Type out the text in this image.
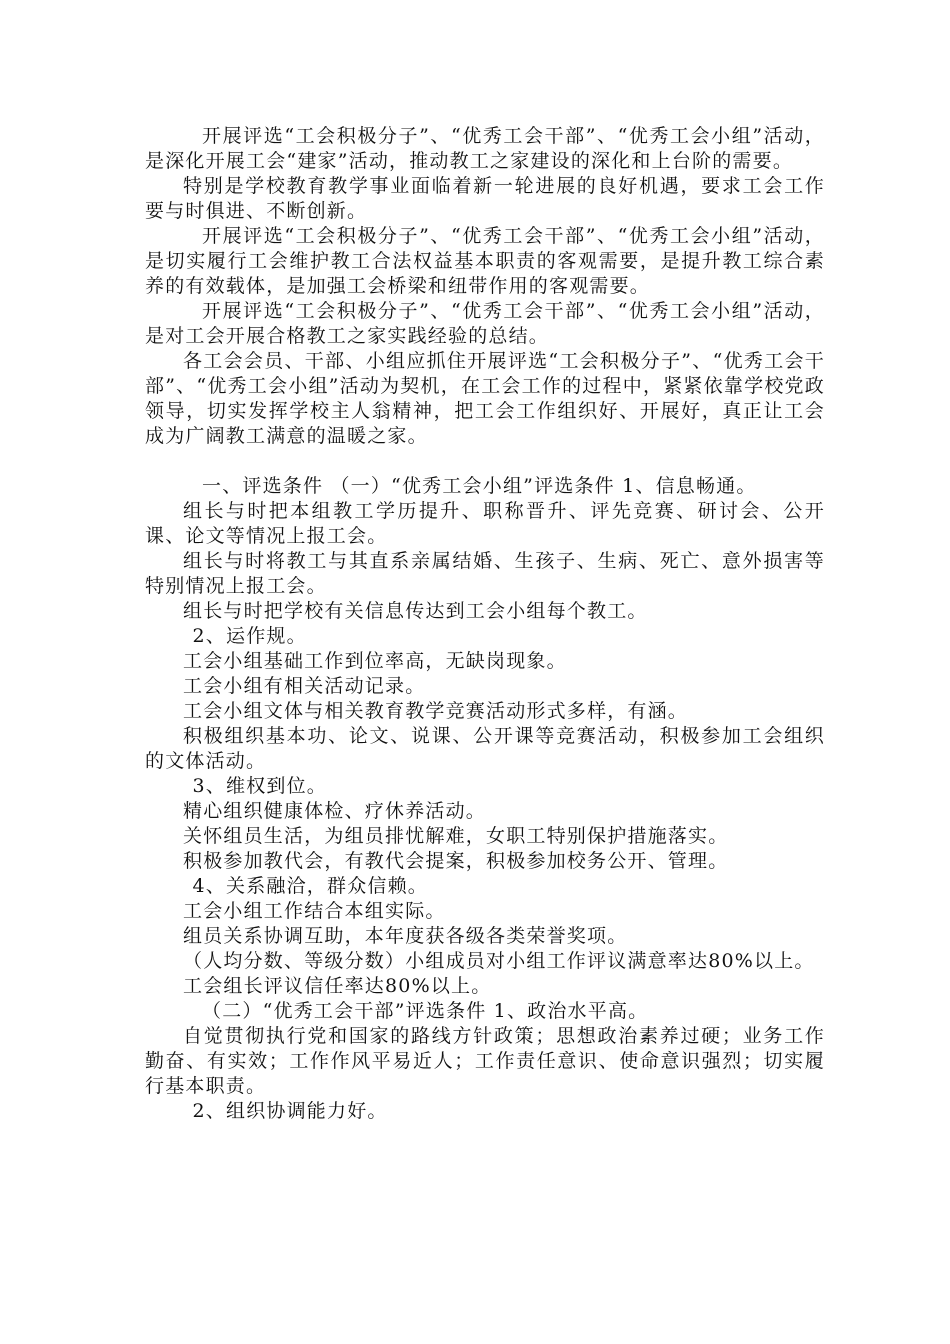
开展评选“工会积极分子”、“优秀工会干部”、“优秀工会小组”活动，是深化开展工会“建家”活动，推动教工之家建设的深化和上台阶的需要。

特别是学校教育教学事业面临着新一轮进展的良好机遇，要求工会工作要与时俱进、不断创新。

开展评选“工会积极分子”、“优秀工会干部”、“优秀工会小组”活动，是切实履行工会维护教工合法权益基本职责的客观需要，是提升教工综合素养的有效载体，是加强工会桥梁和纽带作用的客观需要。

开展评选“工会积极分子”、“优秀工会干部”、“优秀工会小组”活动，是对工会开展合格教工之家实践经验的总结。

各工会会员、干部、小组应抓住开展评选“工会积极分子”、“优秀工会干部”、“优秀工会小组”活动为契机，在工会工作的过程中，紧紧依靠学校党政领导，切实发挥学校主人翁精神，把工会工作组织好、开展好，真正让工会成为广阔教工满意的温暖之家。

一、评选条件 （一）“优秀工会小组”评选条件 1、信息畅通。

组长与时把本组教工学历提升、职称晋升、评先竞赛、研讨会、公开课、论文等情况上报工会。

组长与时将教工与其直系亲属结婚、生孩子、生病、死亡、意外损害等特别情况上报工会。

组长与时把学校有关信息传达到工会小组每个教工。

2、运作规。

工会小组基础工作到位率高，无缺岗现象。

工会小组有相关活动记录。

工会小组文体与相关教育教学竞赛活动形式多样，有涵。

积极组织基本功、论文、说课、公开课等竞赛活动，积极参加工会组织的文体活动。

3、维权到位。

精心组织健康体检、疗休养活动。

关怀组员生活，为组员排忧解难，女职工特别保护措施落实。

积极参加教代会，有教代会提案，积极参加校务公开、管理。

4、关系融洽，群众信赖。

工会小组工作结合本组实际。

组员关系协调互助，本年度获各级各类荣誉奖项。

（人均分数、等级分数）小组成员对小组工作评议满意率达80%以上。

工会组长评议信任率达80%以上。

（二）“优秀工会干部”评选条件 1、政治水平高。

自觉贯彻执行党和国家的路线方针政策；思想政治素养过硬；业务工作勤奋、有实效；工作作风平易近人；工作责任意识、使命意识强烈；切实履行基本职责。

2、组织协调能力好。
